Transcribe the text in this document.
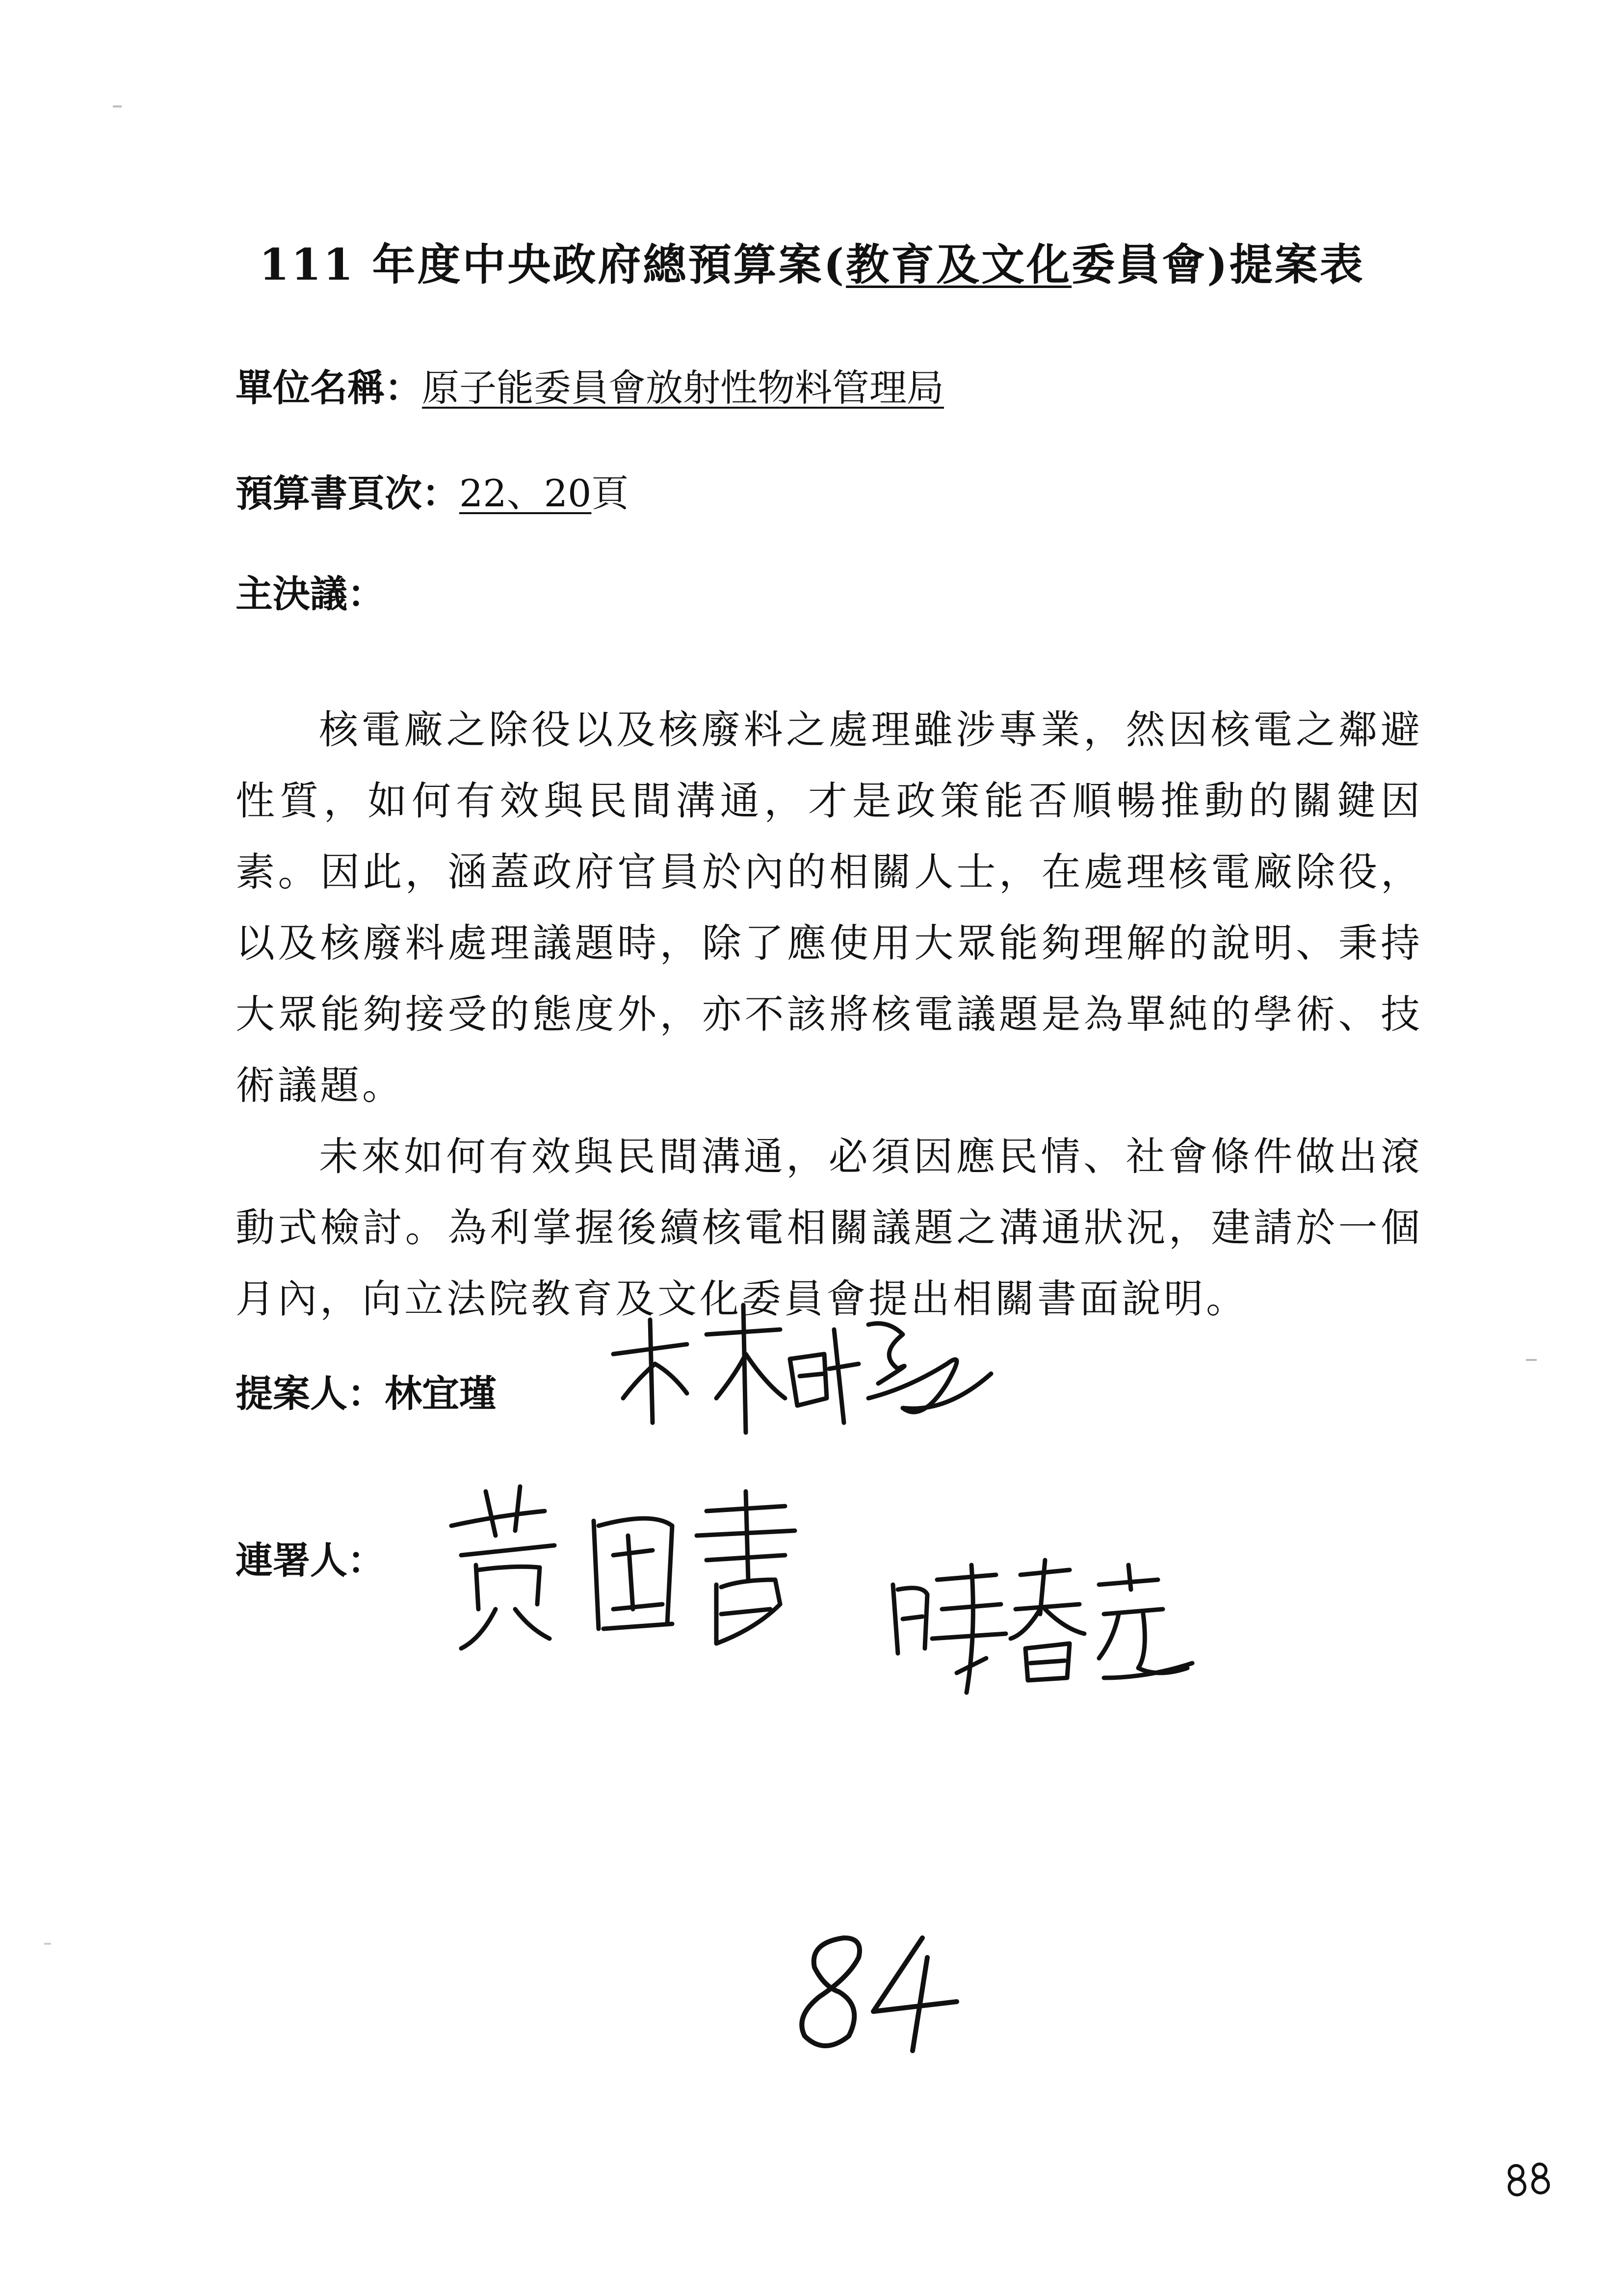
111 年度中央政府總預算案(教育及文化委員會)提案表
單位名稱：原子能委員會放射性物料管理局
預算書頁次：22、20頁
主決議：

核電廠之除役以及核廢料之處理雖涉專業，然因核電之鄰避性質，如何有效與民間溝通，才是政策能否順暢推動的關鍵因素。因此，涵蓋政府官員於內的相關人士，在處理核電廠除役，以及核廢料處理議題時，除了應使用大眾能夠理解的說明、秉持大眾能夠接受的態度外，亦不該將核電議題是為單純的學術、技術議題。

未來如何有效與民間溝通，必須因應民情、社會條件做出滾動式檢討。為利掌握後續核電相關議題之溝通狀況，建請於一個月內，向立法院教育及文化委員會提出相關書面說明。

提案人：林宜瑾
連署人：
